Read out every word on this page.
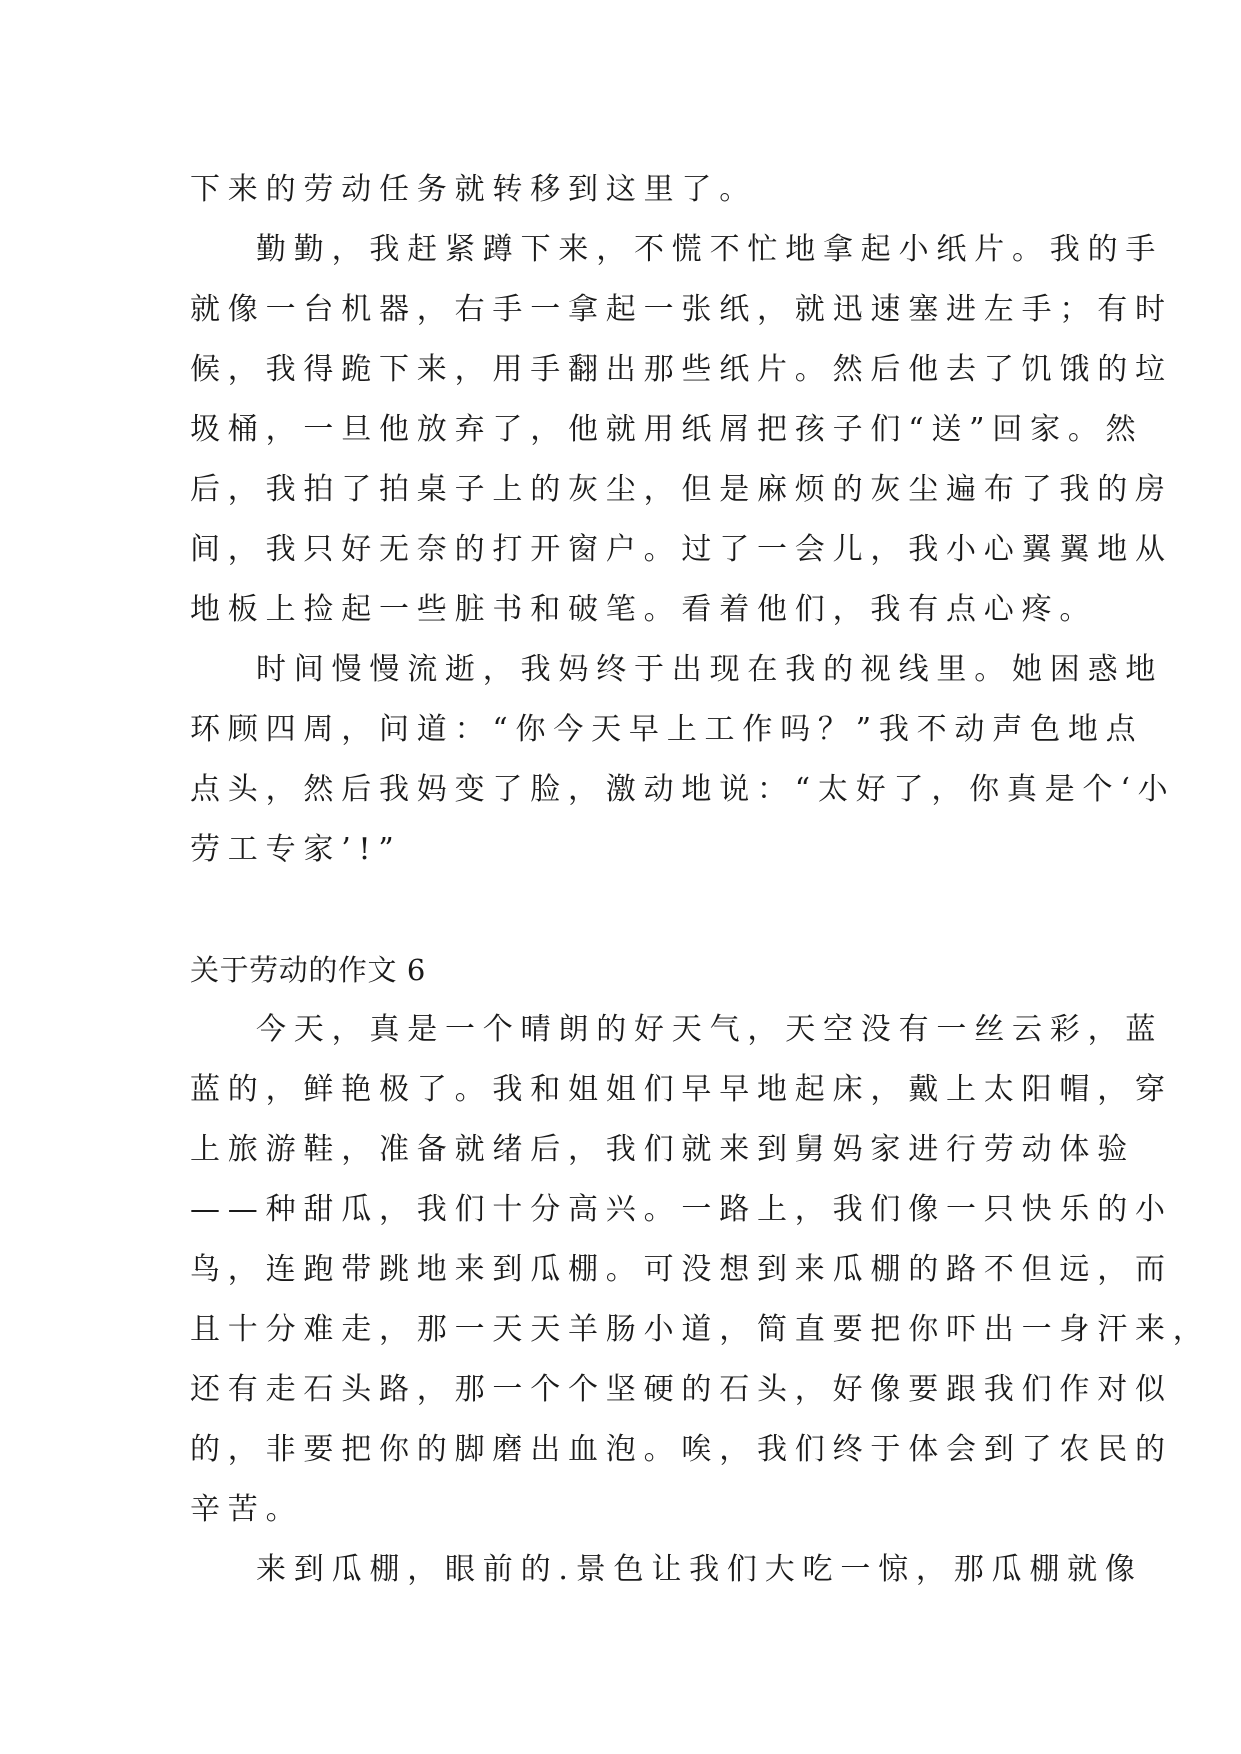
下来的劳动任务就转移到这里了。
勤勤，我赶紧蹲下来，不慌不忙地拿起小纸片。我的手
就像一台机器，右手一拿起一张纸，就迅速塞进左手；有时
候，我得跪下来，用手翻出那些纸片。然后他去了饥饿的垃
圾桶，一旦他放弃了，他就用纸屑把孩子们“送”回家。然
后，我拍了拍桌子上的灰尘，但是麻烦的灰尘遍布了我的房
间，我只好无奈的打开窗户。过了一会儿，我小心翼翼地从
地板上捡起一些脏书和破笔。看着他们，我有点心疼。
时间慢慢流逝，我妈终于出现在我的视线里。她困惑地
环顾四周，问道：“你今天早上工作吗？”我不动声色地点
点头，然后我妈变了脸，激动地说：“太好了，你真是个‘小
劳工专家’!”
关于劳动的作文 6
今天，真是一个晴朗的好天气，天空没有一丝云彩，蓝
蓝的，鲜艳极了。我和姐姐们早早地起床，戴上太阳帽，穿
上旅游鞋，准备就绪后，我们就来到舅妈家进行劳动体验
——种甜瓜，我们十分高兴。一路上，我们像一只快乐的小
鸟，连跑带跳地来到瓜棚。可没想到来瓜棚的路不但远，而
且十分难走，那一天天羊肠小道，简直要把你吓出一身汗来，
还有走石头路，那一个个坚硬的石头，好像要跟我们作对似
的，非要把你的脚磨出血泡。唉，我们终于体会到了农民的
辛苦。
来到瓜棚，眼前的.景色让我们大吃一惊，那瓜棚就像
